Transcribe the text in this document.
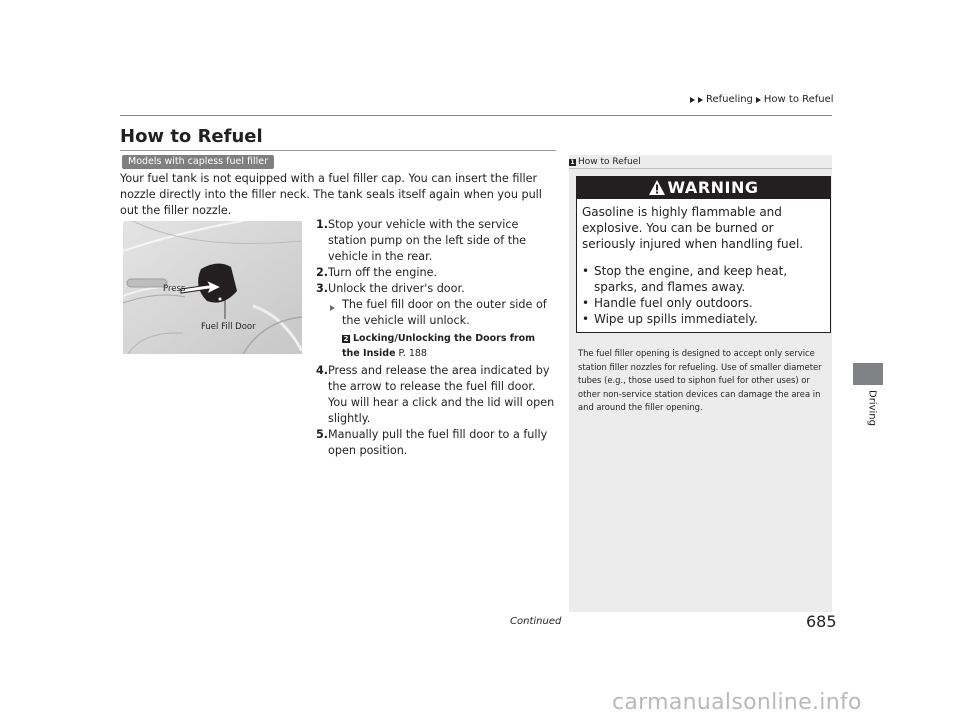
Refueling How to Refuel
How to Refuel
Models with capless fuel filler
Your fuel tank is not equipped with a fuel filler cap. You can insert the filler nozzle directly into the filler neck. The tank seals itself again when you pull out the filler nozzle.
Press
Fuel Fill Door
1. Stop your vehicle with the service station pump on the left side of the vehicle in the rear.
2. Turn off the engine.
3. Unlock the driver's door.
The fuel fill door on the outer side of the vehicle will unlock.
2 Locking/Unlocking the Doors from the Inside P. 188
4. Press and release the area indicated by the arrow to release the fuel fill door. You will hear a click and the lid will open slightly.
5. Manually pull the fuel fill door to a fully open position.
1 How to Refuel
WARNING
Gasoline is highly flammable and explosive. You can be burned or seriously injured when handling fuel.
• Stop the engine, and keep heat, sparks, and flames away.
• Handle fuel only outdoors.
• Wipe up spills immediately.
The fuel filler opening is designed to accept only service station filler nozzles for refueling. Use of smaller diameter tubes (e.g., those used to siphon fuel for other uses) or other non-service station devices can damage the area in and around the filler opening.	Driving
Continued	685
carmanualsonline.info
